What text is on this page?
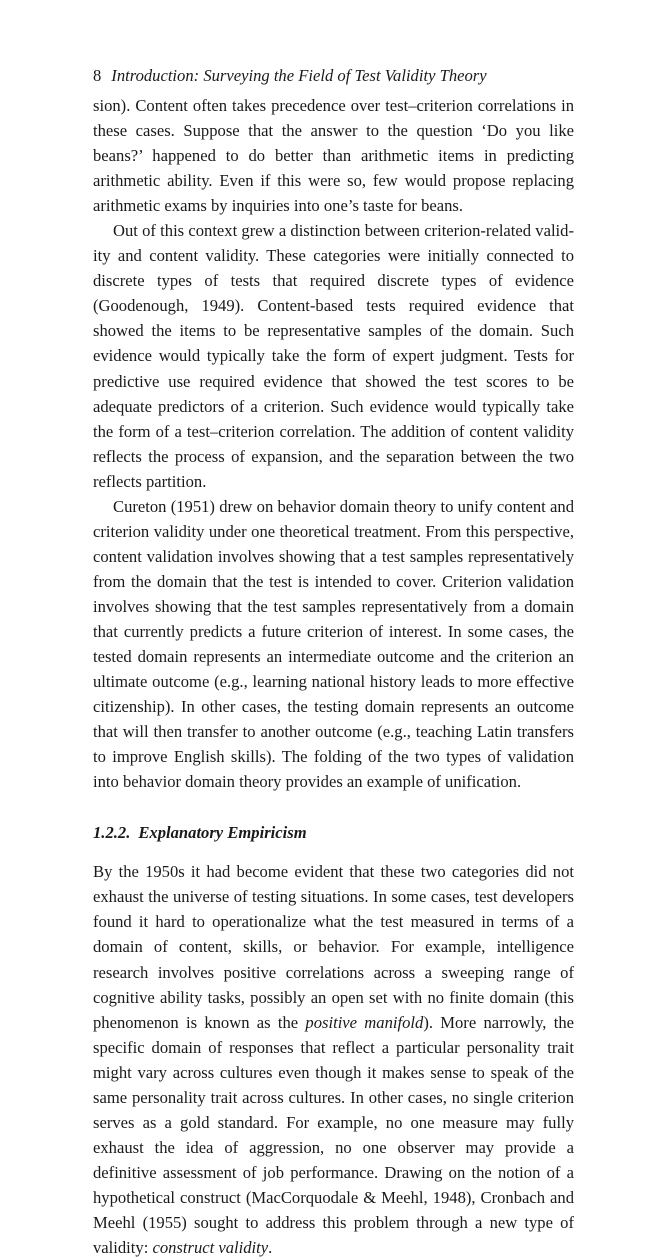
8 Introduction: Surveying the Field of Test Validity Theory

sion). Content often takes precedence over test–criterion correlations in these cases. Suppose that the answer to the question ‘Do you like beans?’ happened to do better than arithmetic items in predicting arithmetic ability. Even if this were so, few would propose replacing arithmetic exams by inquiries into one’s taste for beans.

Out of this context grew a distinction between criterion-related validity and content validity. These categories were initially connected to discrete types of tests that required discrete types of evidence (Goodenough, 1949). Content-based tests required evidence that showed the items to be representative samples of the domain. Such evidence would typically take the form of expert judgment. Tests for predictive use required evidence that showed the test scores to be adequate predictors of a criterion. Such evidence would typically take the form of a test–criterion correlation. The addition of content validity reflects the process of expansion, and the separation between the two reflects partition.

Cureton (1951) drew on behavior domain theory to unify content and criterion validity under one theoretical treatment. From this perspective, content validation involves showing that a test samples representatively from the domain that the test is intended to cover. Criterion validation involves showing that the test samples representatively from a domain that currently predicts a future criterion of interest. In some cases, the tested domain represents an intermediate outcome and the criterion an ultimate outcome (e.g., learning national history leads to more effective citizenship). In other cases, the testing domain represents an outcome that will then transfer to another outcome (e.g., teaching Latin transfers to improve English skills). The folding of the two types of validation into behavior domain theory provides an example of unification.

1.2.2. Explanatory Empiricism

By the 1950s it had become evident that these two categories did not exhaust the universe of testing situations. In some cases, test developers found it hard to operationalize what the test measured in terms of a domain of content, skills, or behavior. For example, intelligence research involves positive correlations across a sweeping range of cognitive ability tasks, possibly an open set with no finite domain (this phenomenon is known as the positive manifold). More narrowly, the specific domain of responses that reflect a particular personality trait might vary across cultures even though it makes sense to speak of the same personality trait across cultures. In other cases, no single criterion serves as a gold standard. For example, no one measure may fully exhaust the idea of aggression, no one observer may provide a definitive assessment of job performance. Drawing on the notion of a hypothetical construct (MacCorquodale & Meehl, 1948), Cronbach and Meehl (1955) sought to address this problem through a new type of validity: construct validity.
